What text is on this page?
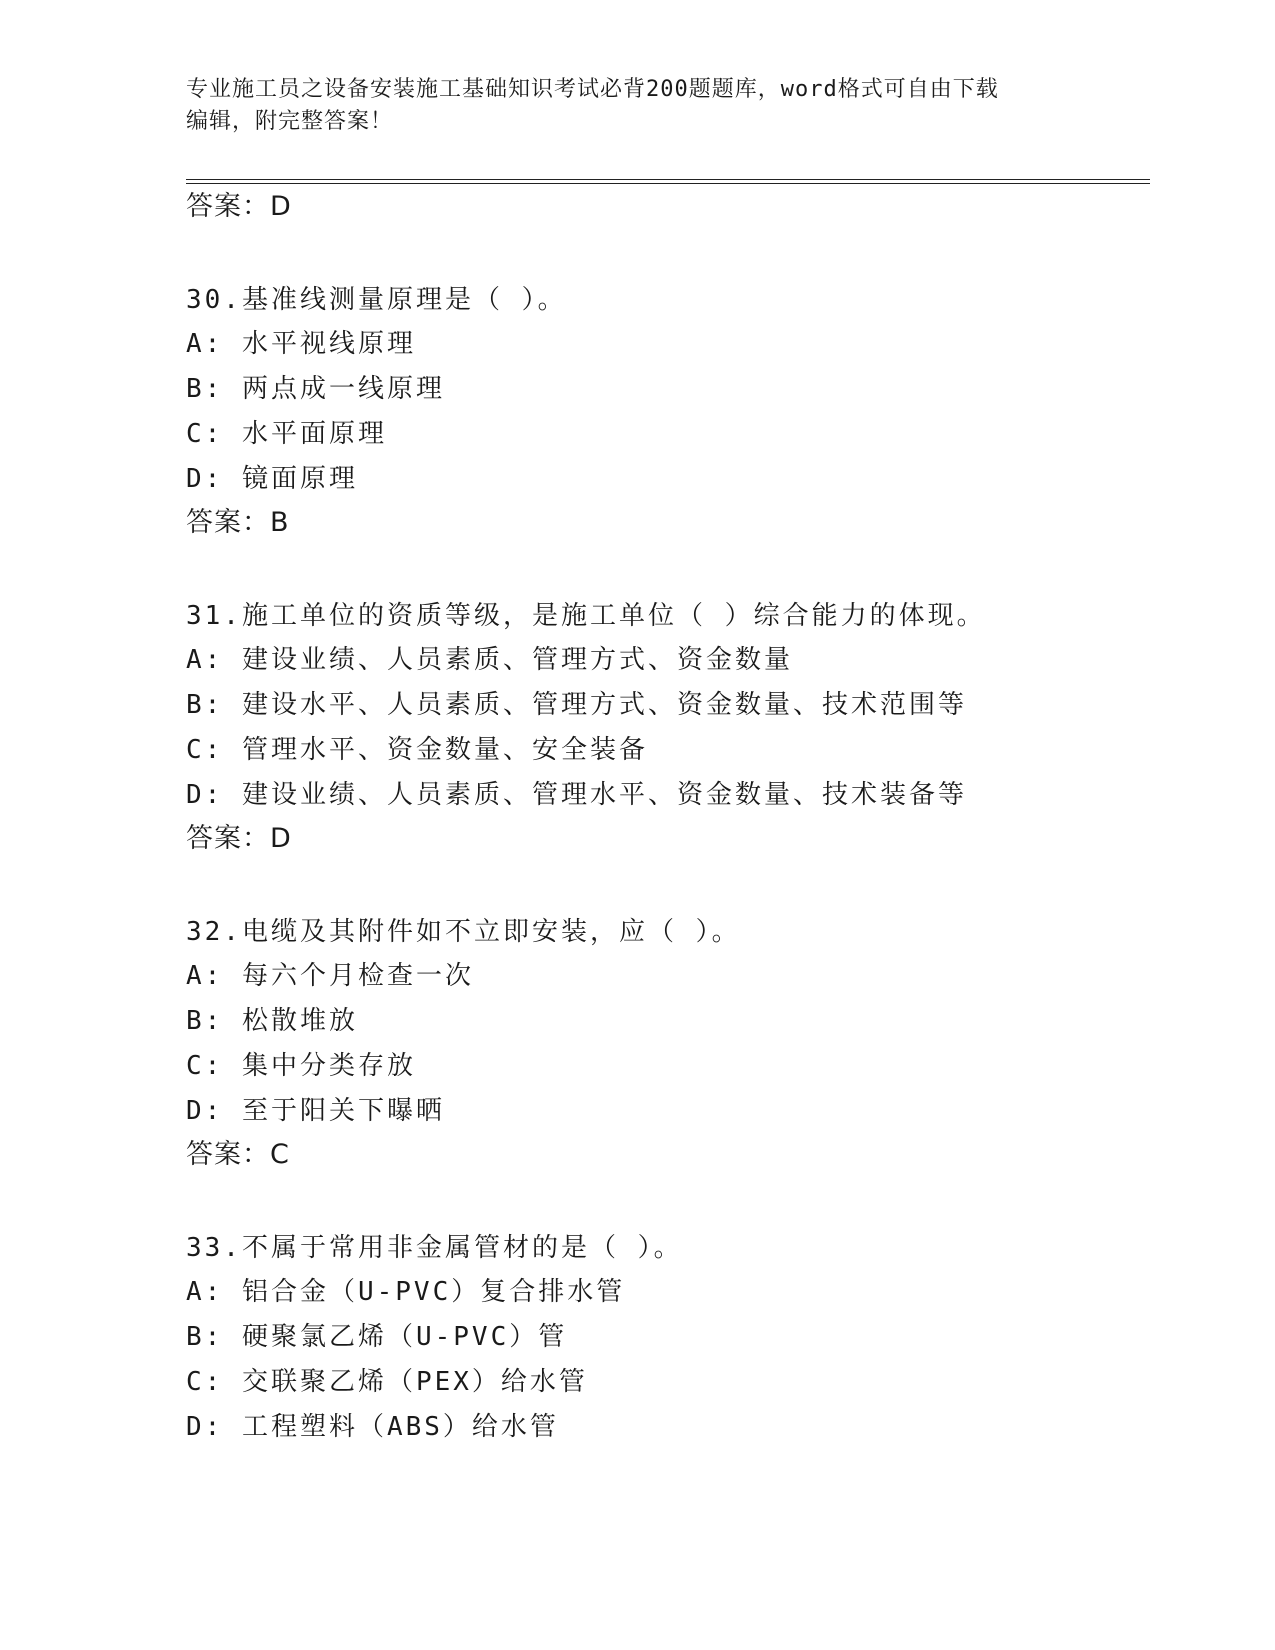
专业施工员之设备安装施工基础知识考试必背200题题库，word格式可自由下载
编辑，附完整答案！
答案：D
30.基准线测量原理是（ ）。
A: 水平视线原理
B: 两点成一线原理
C: 水平面原理
D: 镜面原理
答案：B
31.施工单位的资质等级，是施工单位（ ）综合能力的体现。
A: 建设业绩、人员素质、管理方式、资金数量
B: 建设水平、人员素质、管理方式、资金数量、技术范围等
C: 管理水平、资金数量、安全装备
D: 建设业绩、人员素质、管理水平、资金数量、技术装备等
答案：D
32.电缆及其附件如不立即安装，应（ ）。
A: 每六个月检查一次
B: 松散堆放
C: 集中分类存放
D: 至于阳关下曝晒
答案：C
33.不属于常用非金属管材的是（ ）。
A: 铝合金（U-PVC）复合排水管
B: 硬聚氯乙烯（U-PVC）管
C: 交联聚乙烯（PEX）给水管
D: 工程塑料（ABS）给水管
